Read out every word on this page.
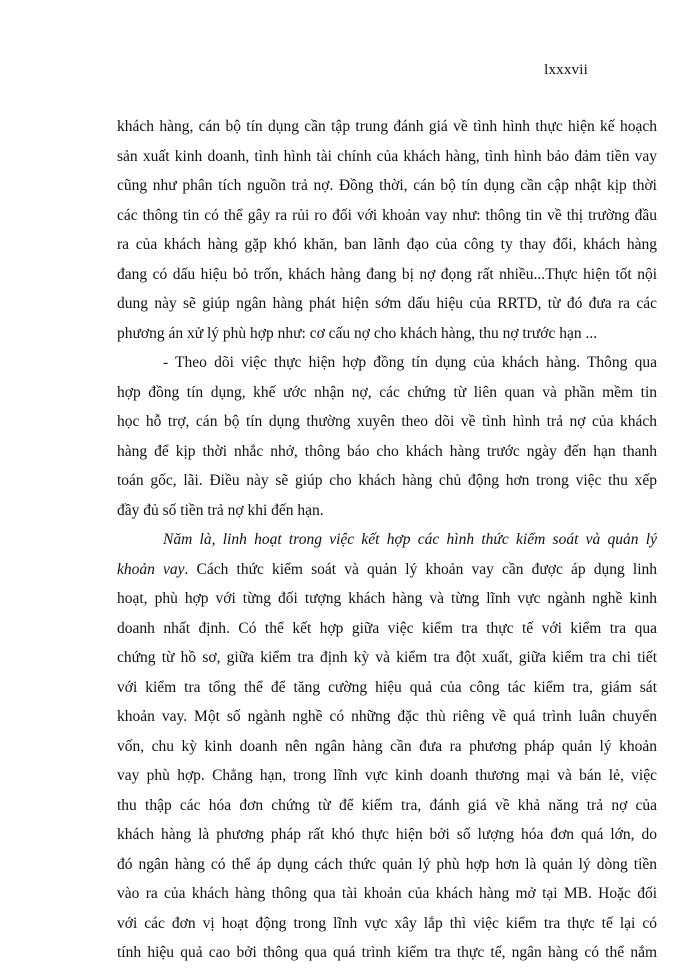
lxxxvii
khách hàng, cán bộ tín dụng cần tập trung đánh giá về tình hình thực hiện kế hoạch
sản xuất kinh doanh, tình hình tài chính của khách hàng, tình hình bảo đảm tiền vay
cũng như phân tích nguồn trả nợ. Đồng thời, cán bộ tín dụng cần cập nhật kịp thời
các thông tin có thể gây ra rủi ro đối với khoản vay như: thông tin về thị trường đầu
ra của khách hàng gặp khó khăn, ban lãnh đạo của công ty thay đổi, khách hàng
đang có dấu hiệu bỏ trốn, khách hàng đang bị nợ đọng rất nhiều...Thực hiện tốt nội
dung này sẽ giúp ngân hàng phát hiện sớm dấu hiệu của RRTD, từ đó đưa ra các
phương án xử lý phù hợp như: cơ cấu nợ cho khách hàng, thu nợ trước hạn ...
- Theo dõi việc thực hiện hợp đồng tín dụng của khách hàng. Thông qua
hợp đồng tín dụng, khế ước nhận nợ, các chứng từ liên quan và phần mềm tin
học hỗ trợ, cán bộ tín dụng thường xuyên theo dõi về tình hình trả nợ của khách
hàng để kịp thời nhắc nhở, thông báo cho khách hàng trước ngày đến hạn thanh
toán gốc, lãi. Điều này sẽ giúp cho khách hàng chủ động hơn trong việc thu xếp
đầy đủ số tiền trả nợ khi đến hạn.
Năm là, linh hoạt trong việc kết hợp các hình thức kiểm soát và quản lý
khoản vay. Cách thức kiểm soát và quản lý khoản vay cần được áp dụng linh
hoạt, phù hợp với từng đối tượng khách hàng và từng lĩnh vực ngành nghề kinh
doanh nhất định. Có thể kết hợp giữa việc kiểm tra thực tế với kiểm tra qua
chứng từ hồ sơ, giữa kiểm tra định kỳ và kiểm tra đột xuất, giữa kiểm tra chi tiết
với kiểm tra tổng thể để tăng cường hiệu quả của công tác kiểm tra, giám sát
khoản vay. Một số ngành nghề có những đặc thù riêng về quá trình luân chuyển
vốn, chu kỳ kinh doanh nên ngân hàng cần đưa ra phương pháp quản lý khoản
vay phù hợp. Chẳng hạn, trong lĩnh vực kinh doanh thương mại và bán lẻ, việc
thu thập các hóa đơn chứng từ để kiểm tra, đánh giá về khả năng trả nợ của
khách hàng là phương pháp rất khó thực hiện bởi số lượng hóa đơn quá lớn, do
đó ngân hàng có thể áp dụng cách thức quản lý phù hợp hơn là quản lý dòng tiền
vào ra của khách hàng thông qua tài khoản của khách hàng mở tại MB. Hoặc đối
với các đơn vị hoạt động trong lĩnh vực xây lắp thì việc kiểm tra thực tế lại có
tính hiệu quả cao bởi thông qua quá trình kiểm tra thực tế, ngân hàng có thể nắm
